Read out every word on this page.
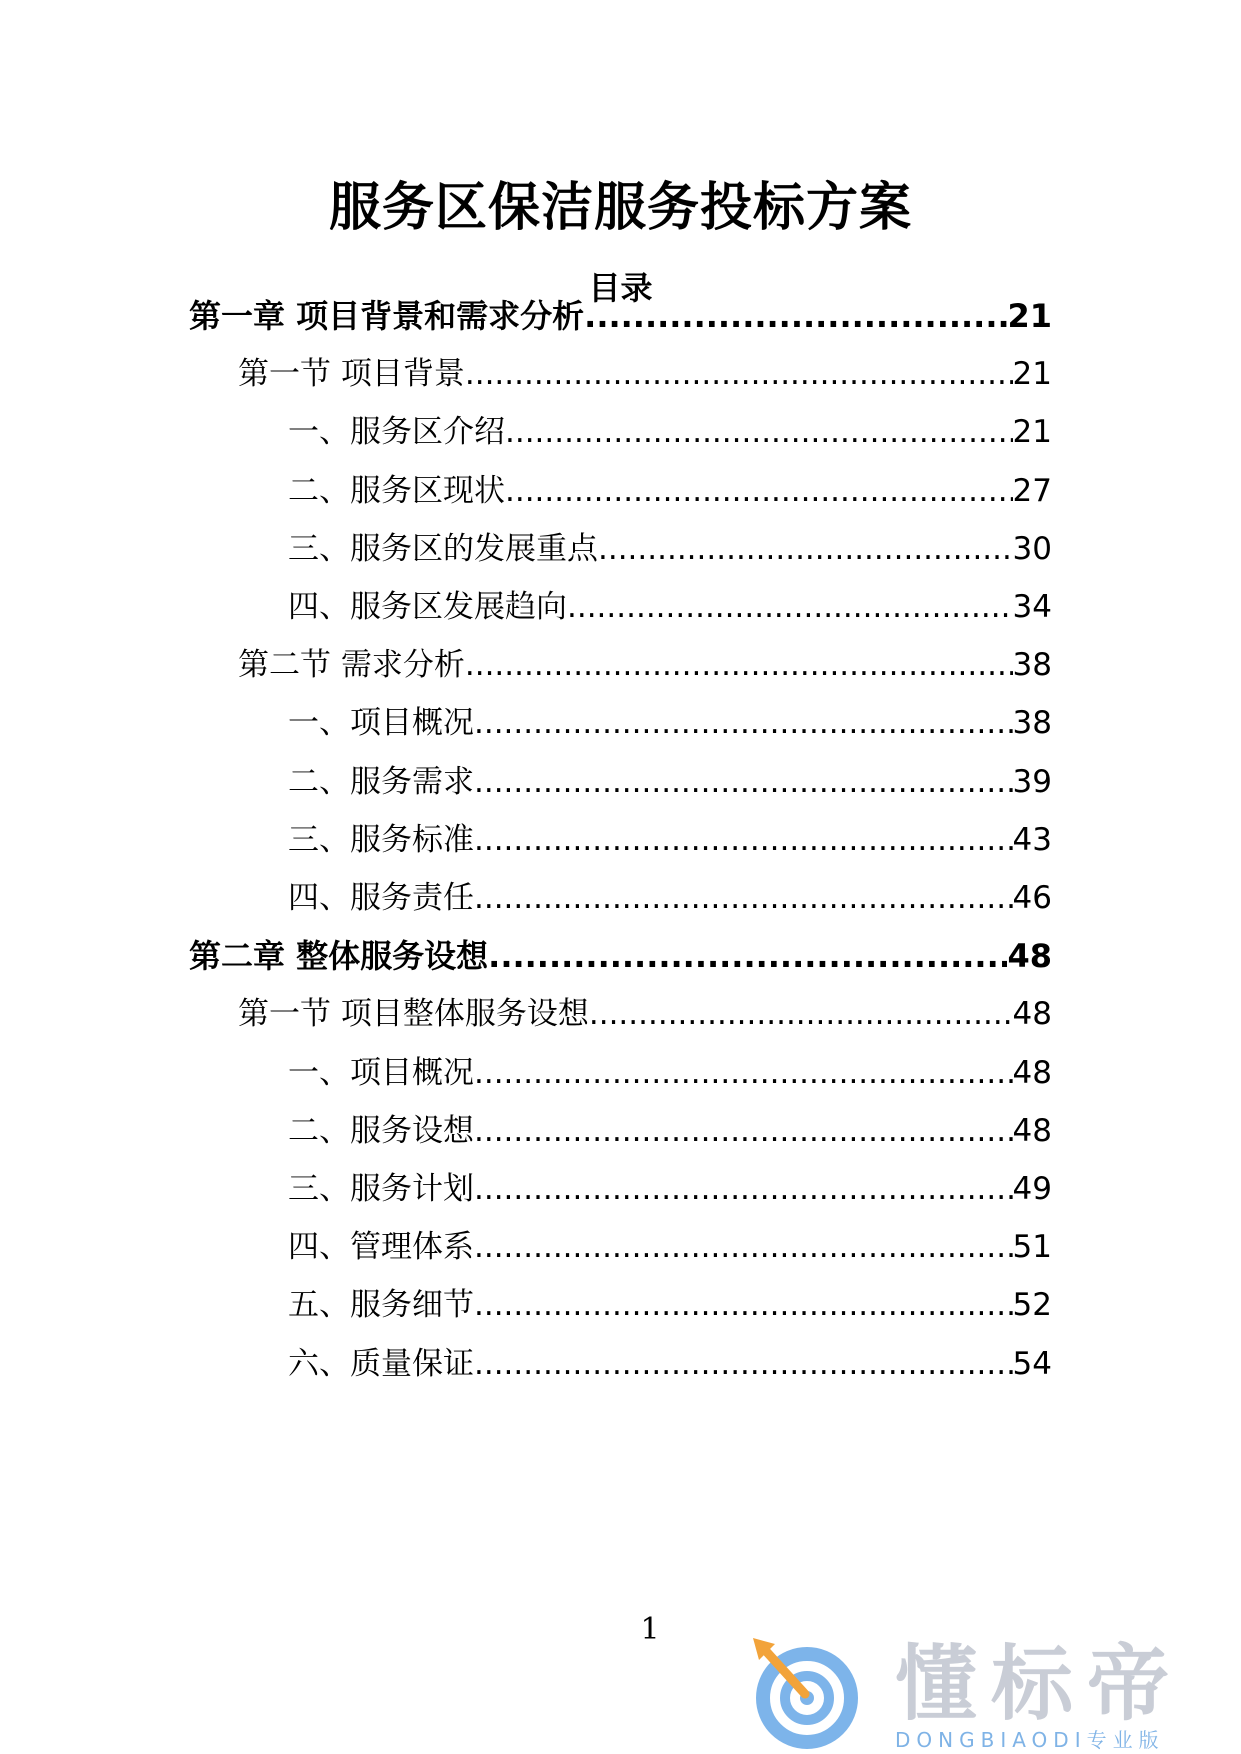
服务区保洁服务投标方案
目录
第一章 项目背景和需求分析 .....	21
第一节 项目背景 .....	21
一、服务区介绍 .....	21
二、服务区现状 .....	27
三、服务区的发展重点 .....	30
四、服务区发展趋向 .....	34
第二节 需求分析 .....	38
一、项目概况 .....	38
二、服务需求 .....	39
三、服务标准 .....	43
四、服务责任 .....	46
第二章 整体服务设想 .....	48
第一节 项目整体服务设想 .....	48
一、项目概况 .....	48
二、服务设想 .....	48
三、服务计划 .....	49
四、管理体系 .....	51
五、服务细节 .....	52
六、质量保证 .....	54
1
懂标帝
DONGBIAODI专业版
